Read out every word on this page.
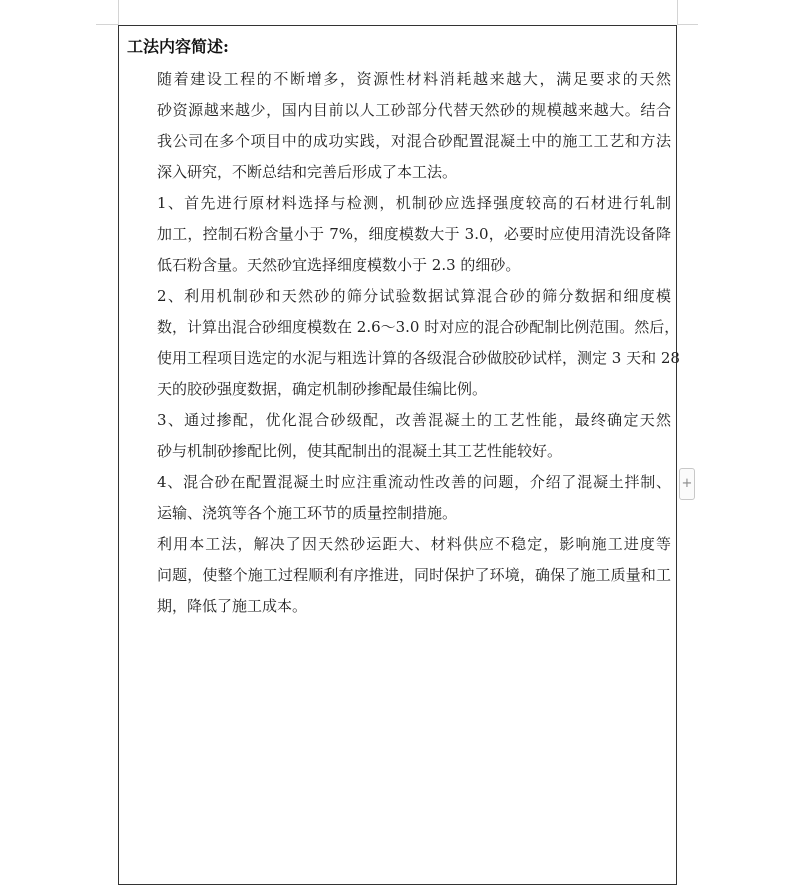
工法内容简述:

随着建设工程的不断增多，资源性材料消耗越来越大，满足要求的天然
砂资源越来越少，国内目前以人工砂部分代替天然砂的规模越来越大。结合
我公司在多个项目中的成功实践，对混合砂配置混凝土中的施工工艺和方法
深入研究，不断总结和完善后形成了本工法。

1、首先进行原材料选择与检测，机制砂应选择强度较高的石材进行轧制
加工，控制石粉含量小于 7%，细度模数大于 3.0，必要时应使用清洗设备降
低石粉含量。天然砂宜选择细度模数小于 2.3 的细砂。

2、利用机制砂和天然砂的筛分试验数据试算混合砂的筛分数据和细度模
数，计算出混合砂细度模数在 2.6～3.0 时对应的混合砂配制比例范围。然后，
使用工程项目选定的水泥与粗选计算的各级混合砂做胶砂试样，测定 3 天和 28
天的胶砂强度数据，确定机制砂掺配最佳编比例。

3、通过掺配，优化混合砂级配，改善混凝土的工艺性能，最终确定天然
砂与机制砂掺配比例，使其配制出的混凝土其工艺性能较好。

4、混合砂在配置混凝土时应注重流动性改善的问题，介绍了混凝土拌制、
运输、浇筑等各个施工环节的质量控制措施。

利用本工法，解决了因天然砂运距大、材料供应不稳定，影响施工进度等
问题，使整个施工过程顺利有序推进，同时保护了环境，确保了施工质量和工
期，降低了施工成本。

+
